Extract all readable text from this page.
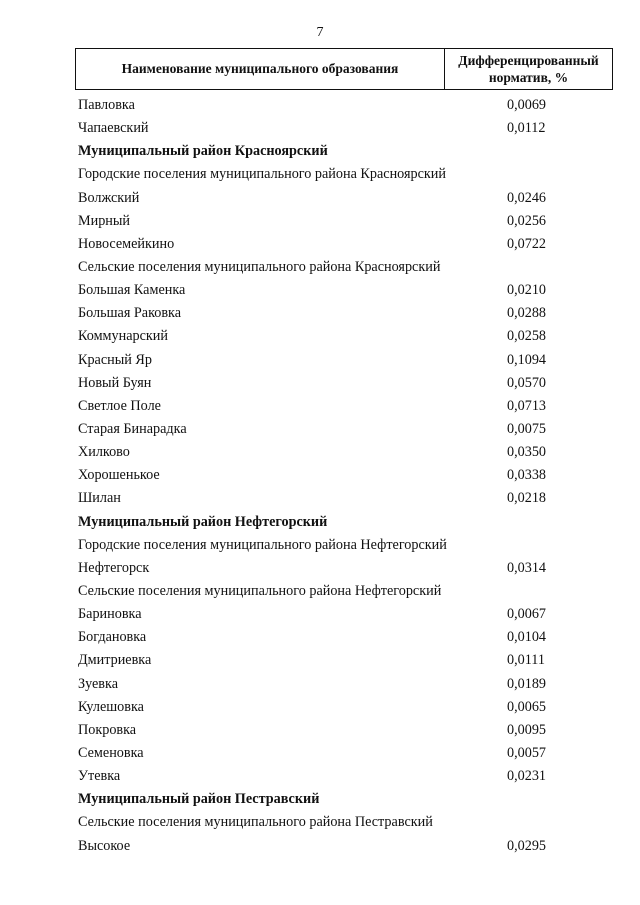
7
Наименование муниципального образования
Дифференцированный
норматив, %
Павловка	0,0069
Чапаевский	0,0112
Муниципальный район Красноярский
Городские поселения муниципального района Красноярский
Волжский	0,0246
Мирный	0,0256
Новосемейкино	0,0722
Сельские поселения муниципального района Красноярский
Большая Каменка	0,0210
Большая Раковка	0,0288
Коммунарский	0,0258
Красный Яр	0,1094
Новый Буян	0,0570
Светлое Поле	0,0713
Старая Бинарадка	0,0075
Хилково	0,0350
Хорошенькое	0,0338
Шилан	0,0218
Муниципальный район Нефтегорский
Городские поселения муниципального района Нефтегорский
Нефтегорск	0,0314
Сельские поселения муниципального района Нефтегорский
Бариновка	0,0067
Богдановка	0,0104
Дмитриевка	0,0111
Зуевка	0,0189
Кулешовка	0,0065
Покровка	0,0095
Семеновка	0,0057
Утевка	0,0231
Муниципальный район Пестравский
Сельские поселения муниципального района Пестравский
Высокое	0,0295
